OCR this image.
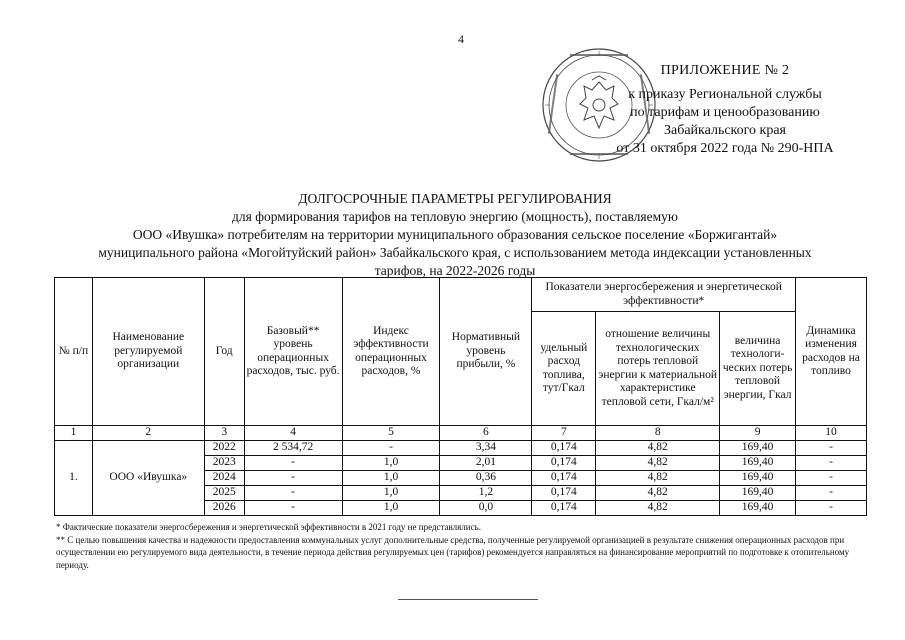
4
ПРИЛОЖЕНИЕ № 2
к приказу Региональной службы
по тарифам и ценообразованию
Забайкальского края
от 31 октября 2022 года № 290-НПА
ДОЛГОСРОЧНЫЕ ПАРАМЕТРЫ РЕГУЛИРОВАНИЯ
для формирования тарифов на тепловую энергию (мощность), поставляемую
ООО «Ивушка» потребителям на территории муниципального образования сельское поселение «Боржигантай»
муниципального района «Могойтуйский район» Забайкальского края, с использованием метода индексации установленных
тарифов, на 2022-2026 годы
№ п/п	Наименование регулируемой организации	Год	Базовый** уровень операционных расходов, тыс. руб.	Индекс эффективности операционных расходов, %	Нормативный уровень прибыли, %	Показатели энергосбережения и энергетической эффективности*			Динамика изменения расходов на топливо
						удельный расход топлива, тут/Гкал	отношение величины технологических потерь тепловой энергии к материальной характеристике тепловой сети, Гкал/м²	величина технологи-ческих потерь тепловой энергии, Гкал	
1	2	3	4	5	6	7	8	9	10
1.	ООО «Ивушка»	2022	2 534,72	-	3,34	0,174	4,82	169,40	-
		2023	-	1,0	2,01	0,174	4,82	169,40	-
		2024	-	1,0	0,36	0,174	4,82	169,40	-
		2025	-	1,0	1,2	0,174	4,82	169,40	-
		2026	-	1,0	0,0	0,174	4,82	169,40	-

* Фактические показатели энергосбережения и энергетической эффективности в 2021 году не представлялись.

** С целью повышения качества и надежности предоставления коммунальных услуг дополнительные средства, полученные регулируемой организацией в результате снижения операционных расходов при осуществлении ею регулируемого вида деятельности, в течение периода действия регулируемых цен (тарифов) рекомендуется направляться на финансирование мероприятий по подготовке к отопительному периоду.
